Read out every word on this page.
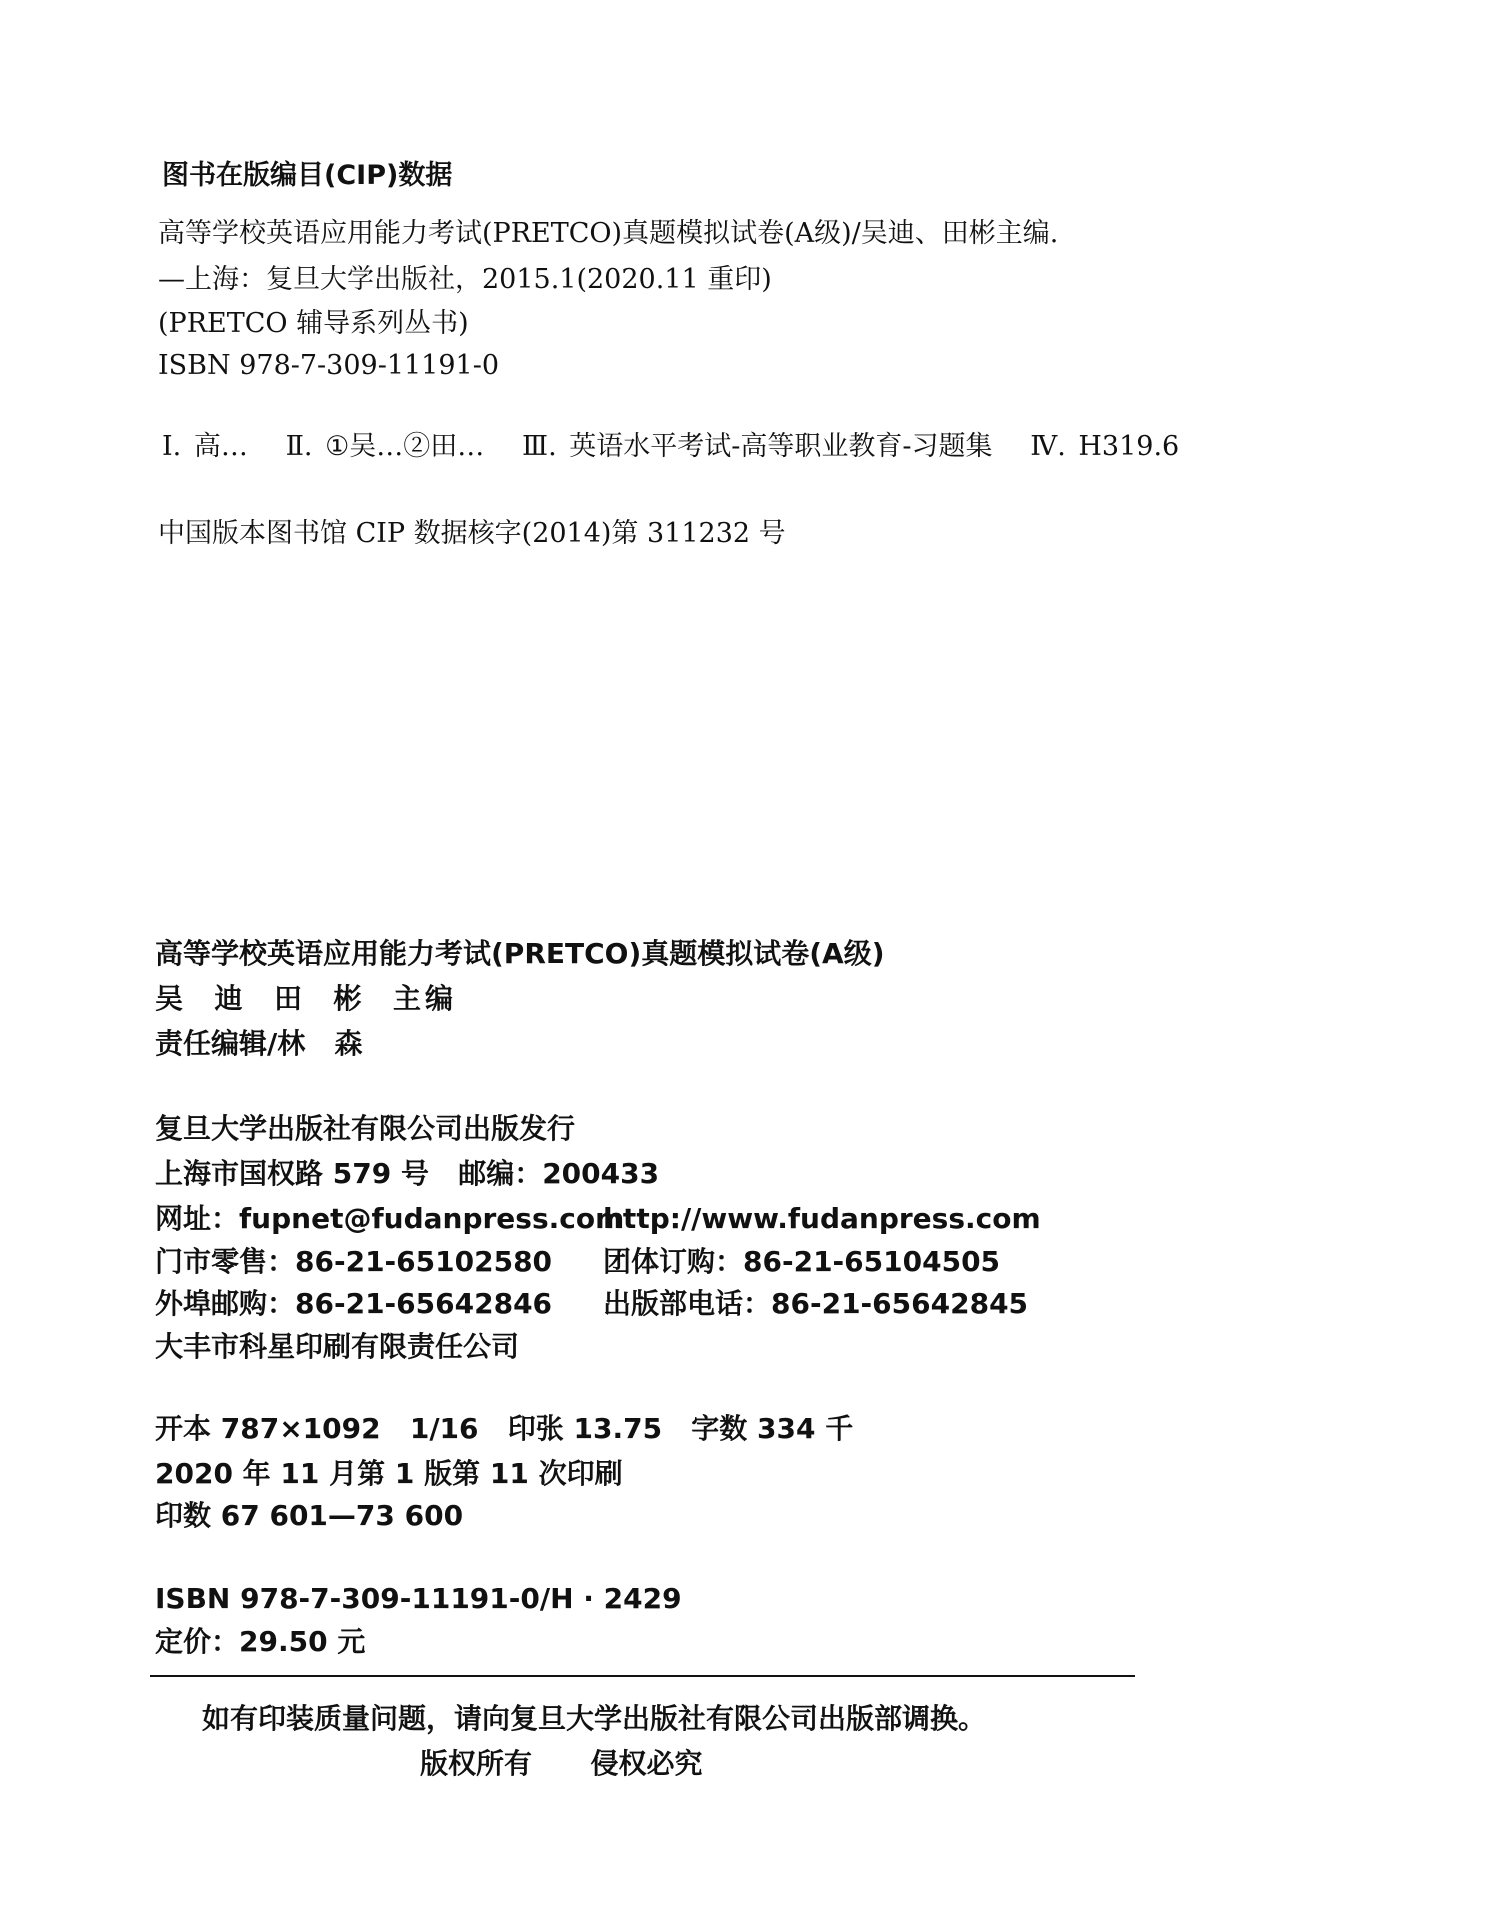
图书在版编目(CIP)数据
高等学校英语应用能力考试(PRETCO)真题模拟试卷(A级)/吴迪、田彬主编.
—上海：复旦大学出版社，2015.1(2020.11 重印)
(PRETCO 辅导系列丛书)
ISBN 978-7-309-11191-0
Ⅰ. 高…   Ⅱ. ①吴…②田…   Ⅲ. 英语水平考试-高等职业教育-习题集   Ⅳ. H319.6
中国版本图书馆 CIP 数据核字(2014)第 311232 号
高等学校英语应用能力考试(PRETCO)真题模拟试卷(A级)
吴  迪  田  彬  主编
责任编辑/林   森
复旦大学出版社有限公司出版发行
上海市国权路 579 号   邮编：200433
网址：fupnet@fudanpress.com
http://www.fudanpress.com
门市零售：86-21-65102580 团体订购：86-21-65104505
外埠邮购：86-21-65642846 出版部电话：86-21-65642845
大丰市科星印刷有限责任公司
开本 787×1092   1/16   印张 13.75   字数 334 千
2020 年 11 月第 1 版第 11 次印刷
印数 67 601—73 600
ISBN 978-7-309-11191-0/H · 2429
定价：29.50 元
如有印装质量问题，请向复旦大学出版社有限公司出版部调换。
版权所有      侵权必究
